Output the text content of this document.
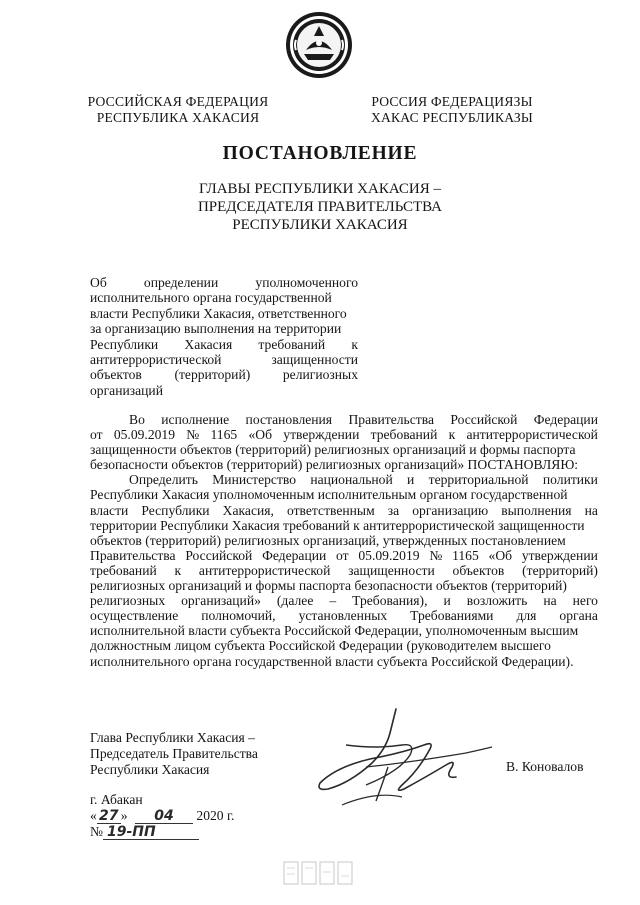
РОССИЙСКАЯ ФЕДЕРАЦИЯ
РЕСПУБЛИКА ХАКАСИЯ
РОССИЯ ФЕДЕРАЦИЯЗЫ
ХАКАС РЕСПУБЛИКАЗЫ
ПОСТАНОВЛЕНИЕ
ГЛАВЫ РЕСПУБЛИКИ ХАКАСИЯ –
ПРЕДСЕДАТЕЛЯ ПРАВИТЕЛЬСТВА
РЕСПУБЛИКИ ХАКАСИЯ
Об	определении	уполномоченного
исполнительного органа государственной
власти Республики Хакасия, ответственного
за организацию выполнения на территории
Республики Хакасия требований к
антитеррористической	защищенности
объектов (территорий) религиозных
организаций
Во исполнение постановления Правительства Российской Федерации
от 05.09.2019 № 1165 «Об утверждении требований к антитеррористической
защищенности объектов (территорий) религиозных организаций и формы паспорта
безопасности объектов (территорий) религиозных организаций» ПОСТАНОВЛЯЮ:
Определить Министерство национальной и территориальной политики
Республики Хакасия уполномоченным исполнительным органом государственной
власти Республики Хакасия, ответственным за организацию выполнения на
территории Республики Хакасия требований к антитеррористической защищенности
объектов (территорий) религиозных организаций, утвержденных постановлением
Правительства Российской Федерации от 05.09.2019 № 1165 «Об утверждении
требований к антитеррористической защищенности объектов (территорий)
религиозных организаций и формы паспорта безопасности объектов (территорий)
религиозных организаций» (далее – Требования), и возложить на него
осуществление полномочий, установленных Требованиями для органа
исполнительной власти субъекта Российской Федерации, уполномоченным высшим
должностным лицом субъекта Российской Федерации (руководителем высшего
исполнительного органа государственной власти субъекта Российской Федерации).
Глава Республики Хакасия –
Председатель Правительства
Республики Хакасия	В. Коновалов
г. Абакан
« 27 » 04 2020 г.
№ 19-ПП
